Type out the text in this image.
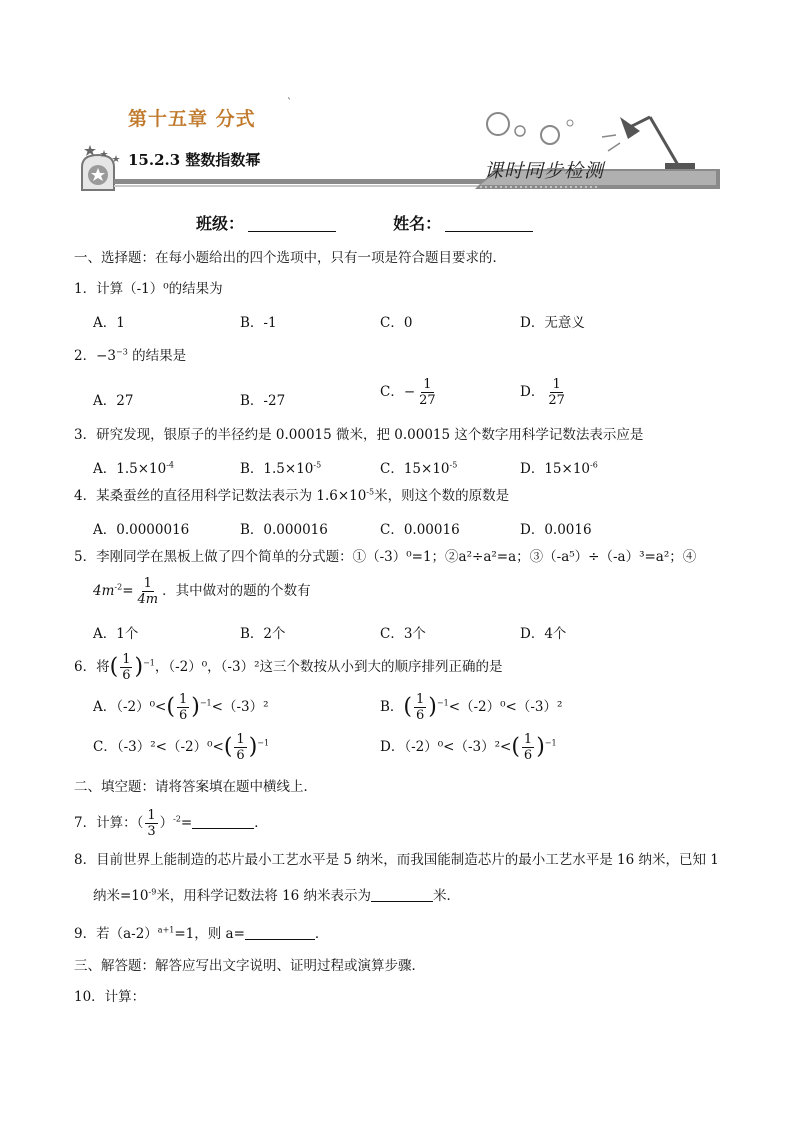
第十五章 分式
ˋ
15.2.3 整数指数幂	课时同步检测
班级：	姓名：
一、选择题：在每小题给出的四个选项中，只有一项是符合题目要求的．
1．计算（-1）⁰的结果为
A．1	B．-1	C．0	D．无意义
2．$-3^{-3}$ 的结果是
A．27	B．-27
C．− $\frac{1}{27}$	D． $\frac{1}{27}$
3．研究发现，银原子的半径约是 0.00015 微米，把 0.00015 这个数字用科学记数法表示应是
A．$1.5\times 10^{-4}$	B．$1.5\times 10^{-5}$	C．$15\times 10^{-5}$	D．$15\times 10^{-6}$
4．某桑蚕丝的直径用科学记数法表示为 $1.6\times 10^{-5}$米，则这个数的原数是
A．0.0000016	B．0.000016	C．0.00016	D．0.0016
5．李刚同学在黑板上做了四个简单的分式题：①（-3）⁰=1；②a²÷a²=a；③（-a⁵）÷（-a）³=a²；④
$4m^{-2}= \frac{1}{4m}$ ．其中做对的题的个数有
A．1个	B．2个	C．3个	D．4个
6．将( $\frac{1}{6} )^{-1}$，（-2）⁰，（-3）²这三个数按从小到大的顺序排列正确的是
A．$(-2)^0<( \frac{1}{6} )^{-1}<(-3)^2$	B．( $\frac{1}{6} )^{-1}<(-2)^0<(-3)^2$
C．$(-3)^2<(-2)^0<( \frac{1}{6} )^{-1}$	D．$(-2)^0<(-3)^2<( \frac{1}{6} )^{-1}$
二、填空题：请将答案填在题中横线上．
7．计算：（ $\frac{1}{3} )^{-2}=$	．
8．目前世界上能制造的芯片最小工艺水平是 5 纳米，而我国能制造芯片的最小工艺水平是 16 纳米，已知 1
纳米$=10^{-9}$米，用科学记数法将 16 纳米表示为	米．
9．若$(a-2)^{a+1}=1$，则 a=	．
三、解答题：解答应写出文字说明、证明过程或演算步骤．
10．计算：
